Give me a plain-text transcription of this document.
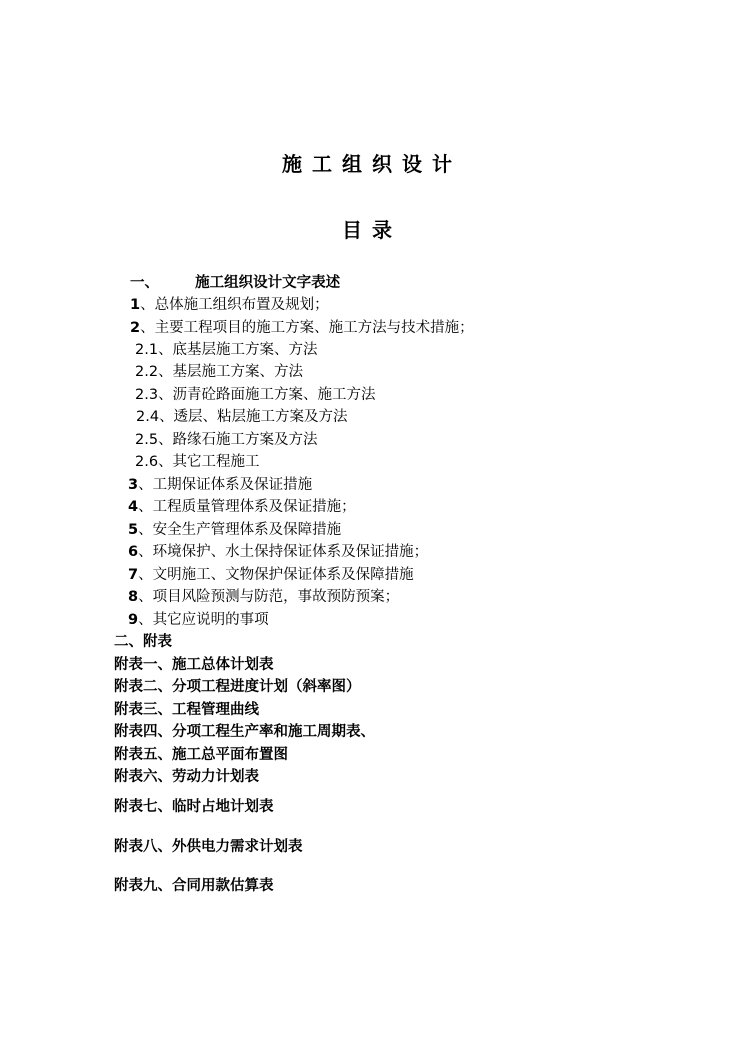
施工组织设计
目录
一、 施工组织设计文字表述
1、总体施工组织布置及规划；
2、主要工程项目的施工方案、施工方法与技术措施；
2.1、底基层施工方案、方法
2.2、基层施工方案、方法
2.3、沥青砼路面施工方案、施工方法
2.4、透层、粘层施工方案及方法
2.5、路缘石施工方案及方法
2.6、其它工程施工
3、工期保证体系及保证措施
4、工程质量管理体系及保证措施；
5、安全生产管理体系及保障措施
6、环境保护、水土保持保证体系及保证措施；
7、文明施工、文物保护保证体系及保障措施
8、项目风险预测与防范，事故预防预案；
9、其它应说明的事项
二、附表
附表一、施工总体计划表
附表二、分项工程进度计划（斜率图）
附表三、工程管理曲线
附表四、分项工程生产率和施工周期表、
附表五、施工总平面布置图
附表六、劳动力计划表
附表七、临时占地计划表
附表八、外供电力需求计划表
附表九、合同用款估算表
